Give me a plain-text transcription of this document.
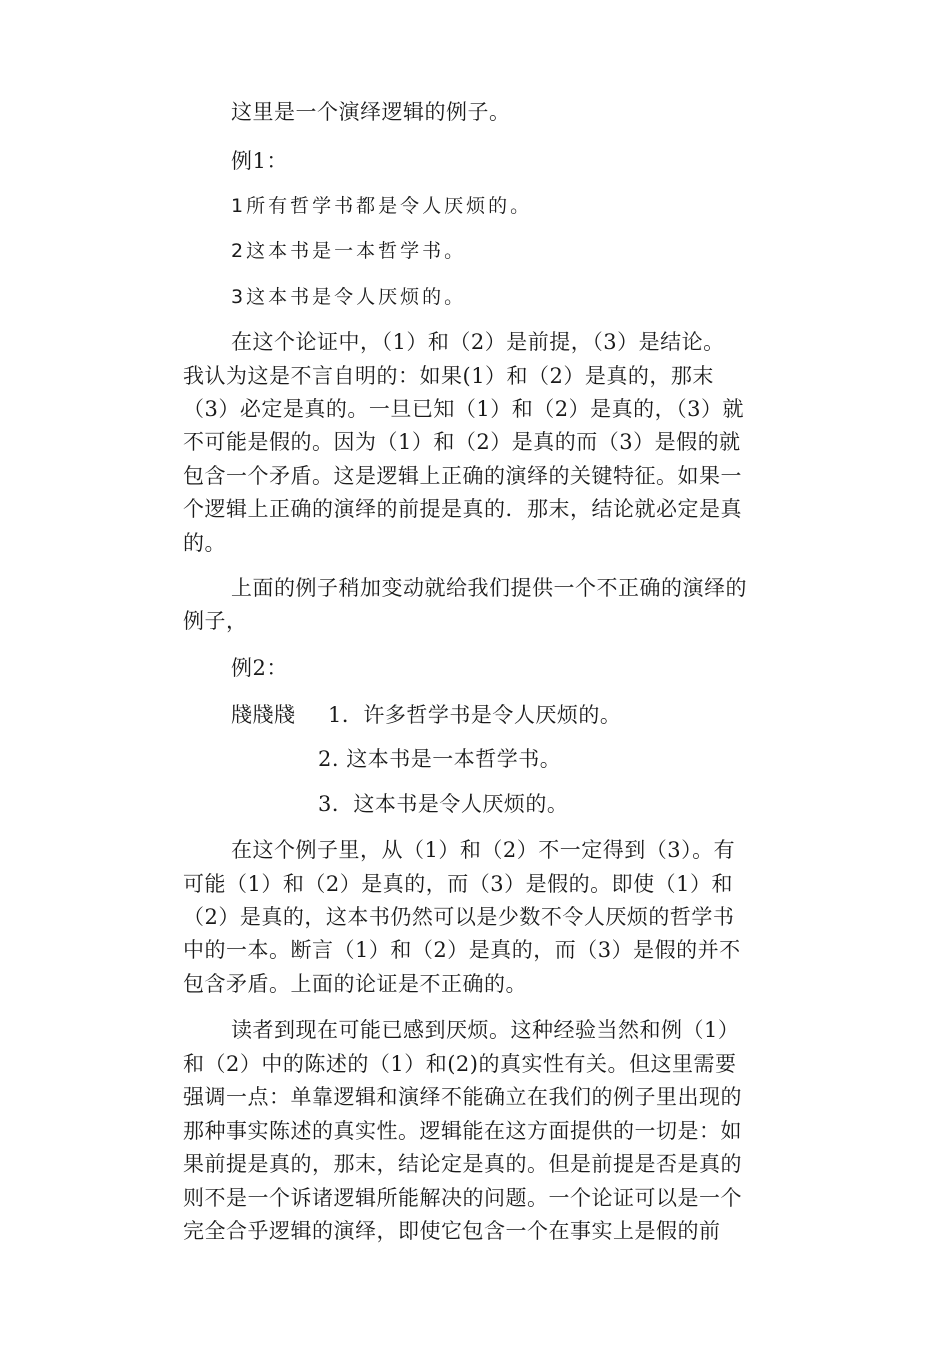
这里是一个演绎逻辑的例子。
例1：
1所有哲学书都是令人厌烦的。
2这本书是一本哲学书。
3这本书是令人厌烦的。
在这个论证中，（1）和（2）是前提，（3）是结论。
我认为这是不言自明的：如果(1）和（2）是真的，那末
（3）必定是真的。一旦已知（1）和（2）是真的，（3）就
不可能是假的。因为（1）和（2）是真的而（3）是假的就
包含一个矛盾。这是逻辑上正确的演绎的关键特征。如果一
个逻辑上正确的演绎的前提是真的．那末，结论就必定是真
的。
上面的例子稍加变动就给我们提供一个不正确的演绎的
例子，
例2：
牋牋牋 1．许多哲学书是令人厌烦的。
2. 这本书是一本哲学书。
3．这本书是令人厌烦的。
在这个例子里，从（1）和（2）不一定得到（3）。有
可能（1）和（2）是真的，而（3）是假的。即使（1）和
（2）是真的，这本书仍然可以是少数不令人厌烦的哲学书
中的一本。断言（1）和（2）是真的，而（3）是假的并不
包含矛盾。上面的论证是不正确的。
读者到现在可能已感到厌烦。这种经验当然和例（1）
和（2）中的陈述的（1）和(2)的真实性有关。但这里需要
强调一点：单靠逻辑和演绎不能确立在我们的例子里出现的
那种事实陈述的真实性。逻辑能在这方面提供的一切是：如
果前提是真的，那末，结论定是真的。但是前提是否是真的
则不是一个诉诸逻辑所能解决的问题。一个论证可以是一个
完全合乎逻辑的演绎，即使它包含一个在事实上是假的前
